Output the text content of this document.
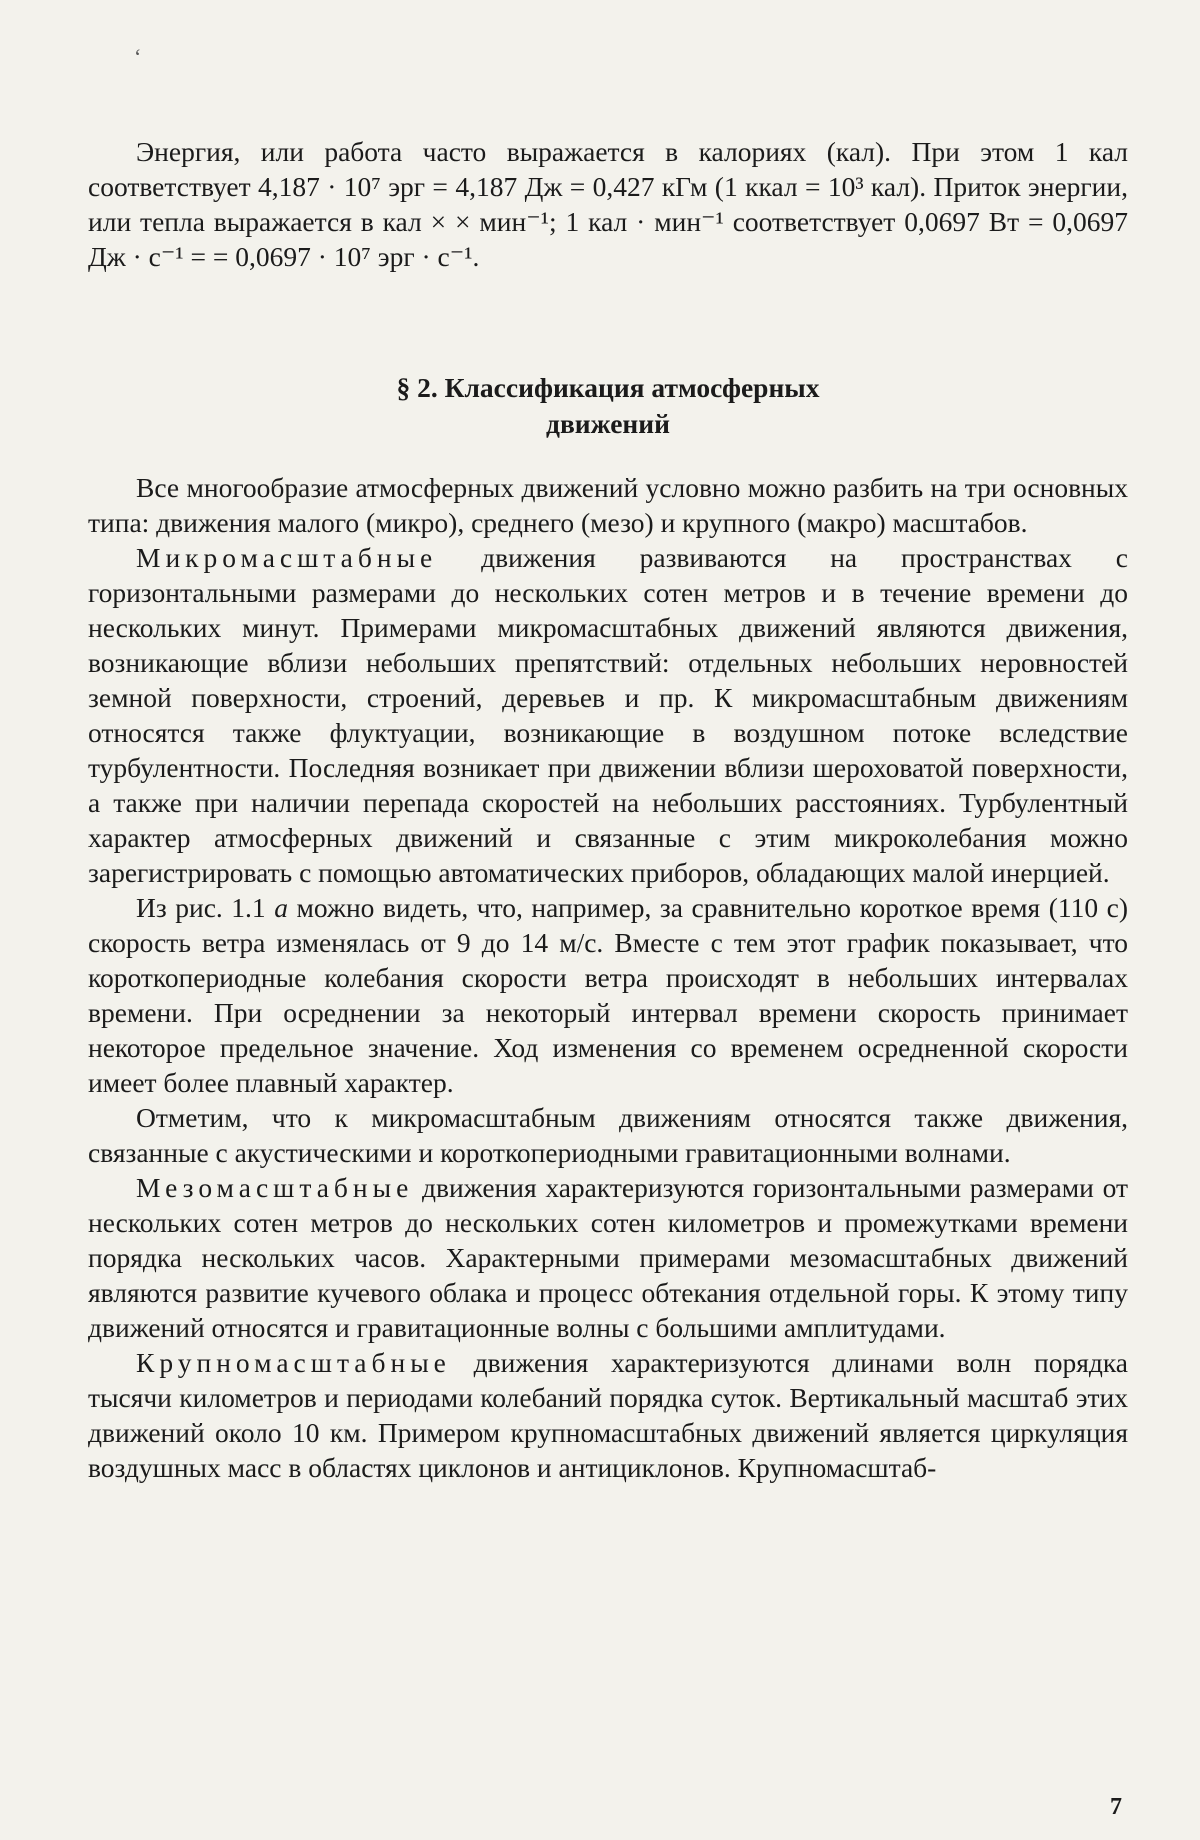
‘

Энергия, или работа часто выражается в калориях (кал). При этом 1 кал соответствует 4,187 · 10⁷ эрг = 4,187 Дж = 0,427 кГм (1 ккал = 10³ кал). Приток энергии, или тепла выражается в кал × × мин⁻¹; 1 кал · мин⁻¹ соответствует 0,0697 Вт = 0,0697 Дж · с⁻¹ = = 0,0697 · 10⁷ эрг · с⁻¹.

§ 2. Классификация атмосферных
движений

Все многообразие атмосферных движений условно можно разбить на три основных типа: движения малого (микро), среднего (мезо) и крупного (макро) масштабов.

Микромасштабные движения развиваются на пространствах с горизонтальными размерами до нескольких сотен метров и в течение времени до нескольких минут. Примерами микромасштабных движений являются движения, возникающие вблизи небольших препятствий: отдельных небольших неровностей земной поверхности, строений, деревьев и пр. К микромасштабным движениям относятся также флуктуации, возникающие в воздушном потоке вследствие турбулентности. Последняя возникает при движении вблизи шероховатой поверхности, а также при наличии перепада скоростей на небольших расстояниях. Турбулентный характер атмосферных движений и связанные с этим микроколебания можно зарегистрировать с помощью автоматических приборов, обладающих малой инерцией.

Из рис. 1.1 а можно видеть, что, например, за сравнительно короткое время (110 с) скорость ветра изменялась от 9 до 14 м/с. Вместе с тем этот график показывает, что короткопериодные колебания скорости ветра происходят в небольших интервалах времени. При осреднении за некоторый интервал времени скорость принимает некоторое предельное значение. Ход изменения со временем осредненной скорости имеет более плавный характер.

Отметим, что к микромасштабным движениям относятся также движения, связанные с акустическими и короткопериодными гравитационными волнами.

Мезомасштабные движения характеризуются горизонтальными размерами от нескольких сотен метров до нескольких сотен километров и промежутками времени порядка нескольких часов. Характерными примерами мезомасштабных движений являются развитие кучевого облака и процесс обтекания отдельной горы. К этому типу движений относятся и гравитационные волны с большими амплитудами.

Крупномасштабные движения характеризуются длинами волн порядка тысячи километров и периодами колебаний порядка суток. Вертикальный масштаб этих движений около 10 км. Примером крупномасштабных движений является циркуляция воздушных масс в областях циклонов и антициклонов. Крупномасштаб-

7
